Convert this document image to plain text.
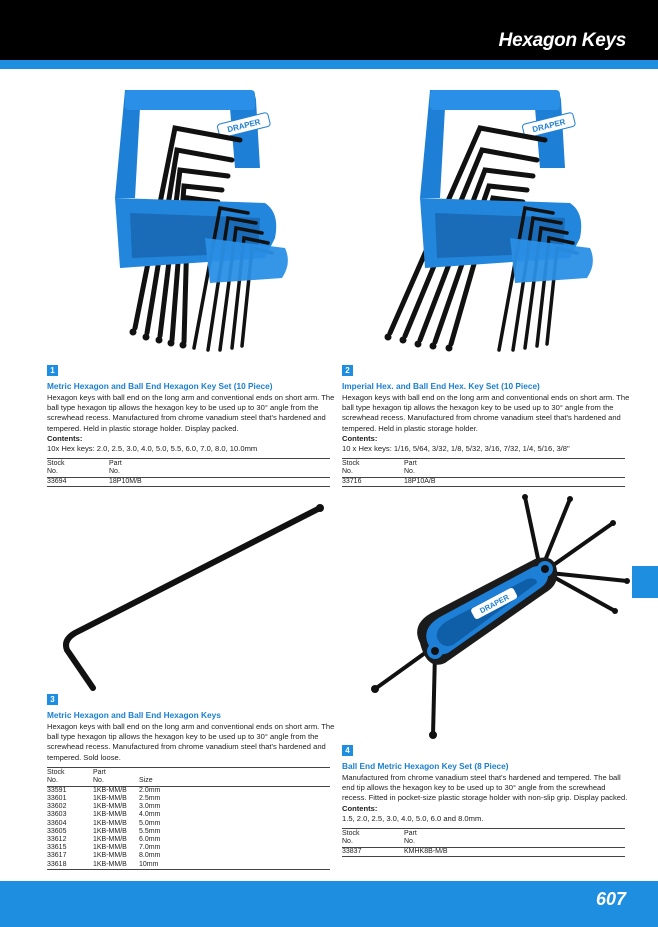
Hexagon Keys
DRAPER	DRAPER
DRAPER
1
Metric Hexagon and Ball End Hexagon Key Set (10 Piece)
Hexagon keys with ball end on the long arm and conventional ends on short arm. The ball type hexagon tip allows the hexagon key to be used up to 30° angle from the screwhead recess. Manufactured from chrome vanadium steel that's hardened and tempered. Held in plastic storage holder. Display packed.
Contents:
10x Hex keys: 2.0, 2.5, 3.0, 4.0, 5.0, 5.5, 6.0, 7.0, 8.0, 10.0mm
Stock
No.	Part
No.
33694	18P10M/B
2
Imperial Hex. and Ball End Hex. Key Set (10 Piece)
Hexagon keys with ball end on the long arm and conventional ends on short arm. The ball type hexagon tip allows the hexagon key to be used up to 30° angle from the screwhead recess. Manufactured from chrome vanadium steel that's hardened and tempered. Held in plastic storage holder.
Contents:
10 x Hex keys: 1/16, 5/64, 3/32, 1/8, 5/32, 3/16, 7/32, 1/4, 5/16, 3/8"
Stock
No.	Part
No.
33716	18P10A/B
3
Metric Hexagon and Ball End Hexagon Keys
Hexagon keys with ball end on the long arm and conventional ends on short arm. The ball type hexagon tip allows the hexagon key to be used up to 30° angle from the screwhead recess. Manufactured from chrome vanadium steel that's hardened and tempered. Sold loose.
Stock
No.	Part
No.	Size
33591	1KB-MM/B	2.0mm
33601	1KB-MM/B	2.5mm
33602	1KB-MM/B	3.0mm
33603	1KB-MM/B	4.0mm
33604	1KB-MM/B	5.0mm
33605	1KB-MM/B	5.5mm
33612	1KB-MM/B	6.0mm
33615	1KB-MM/B	7.0mm
33617	1KB-MM/B	8.0mm
33618	1KB-MM/B	10mm
4
Ball End Metric Hexagon Key Set (8 Piece)
Manufactured from chrome vanadium steel that's hardened and tempered. The ball end tip allows the hexagon key to be used up to 30° angle from the screwhead recess. Fitted in pocket-size plastic storage holder with non-slip grip. Display packed.
Contents:
1.5, 2.0, 2.5, 3.0, 4.0, 5.0, 6.0 and 8.0mm.
Stock
No.	Part
No.
33837	KMHK8B-M/B
607
